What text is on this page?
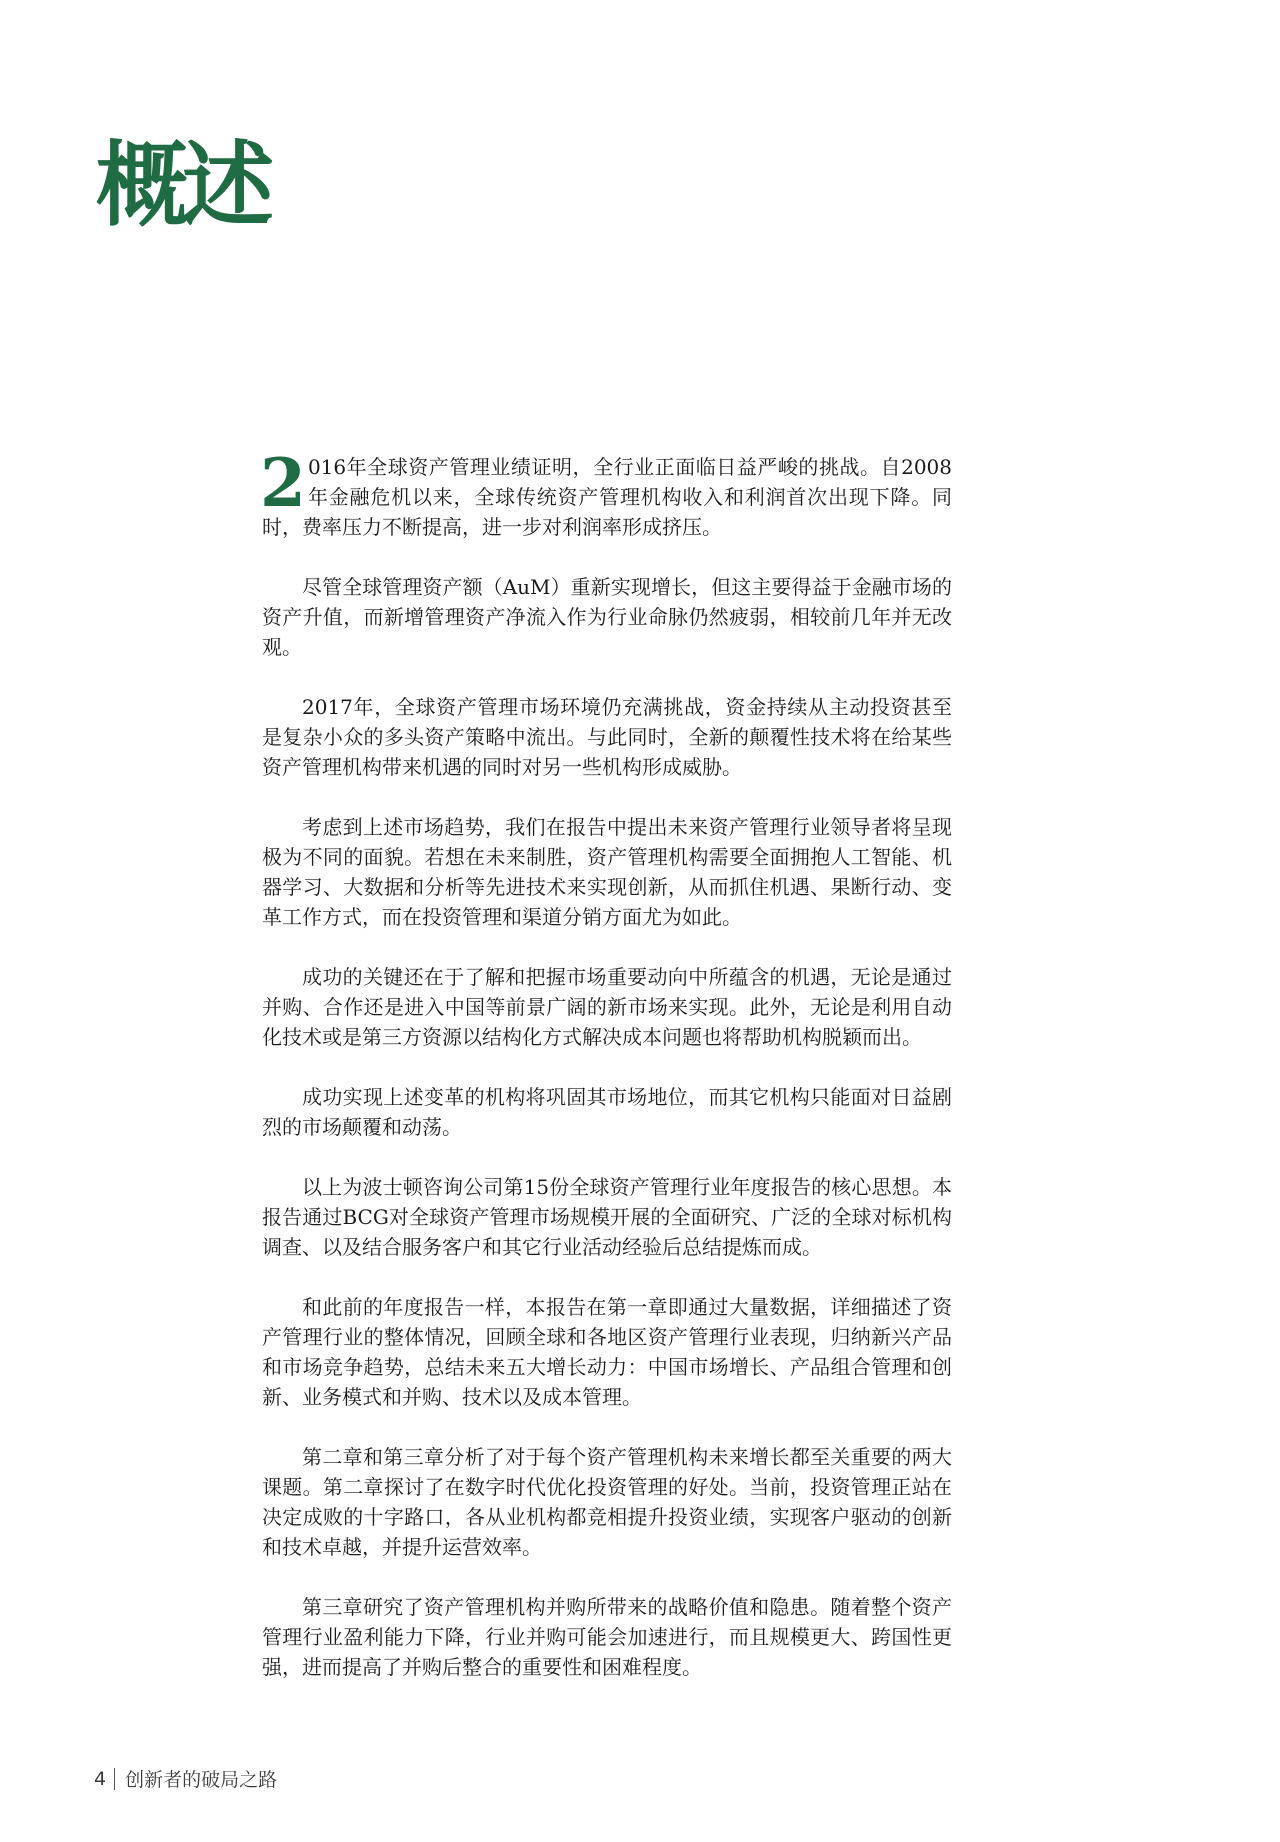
概述

2 016年全球资产管理业绩证明，全行业正面临日益严峻的挑战。自2008年金融危机以来，全球传统资产管理机构收入和利润首次出现下降。同时，费率压力不断提高，进一步对利润率形成挤压。

尽管全球管理资产额（AuM）重新实现增长，但这主要得益于金融市场的资产升值，而新增管理资产净流入作为行业命脉仍然疲弱，相较前几年并无改观。

2017年，全球资产管理市场环境仍充满挑战，资金持续从主动投资甚至是复杂小众的多头资产策略中流出。与此同时，全新的颠覆性技术将在给某些资产管理机构带来机遇的同时对另一些机构形成威胁。

考虑到上述市场趋势，我们在报告中提出未来资产管理行业领导者将呈现极为不同的面貌。若想在未来制胜，资产管理机构需要全面拥抱人工智能、机器学习、大数据和分析等先进技术来实现创新，从而抓住机遇、果断行动、变革工作方式，而在投资管理和渠道分销方面尤为如此。

成功的关键还在于了解和把握市场重要动向中所蕴含的机遇，无论是通过并购、合作还是进入中国等前景广阔的新市场来实现。此外，无论是利用自动化技术或是第三方资源以结构化方式解决成本问题也将帮助机构脱颖而出。

成功实现上述变革的机构将巩固其市场地位，而其它机构只能面对日益剧烈的市场颠覆和动荡。

以上为波士顿咨询公司第15份全球资产管理行业年度报告的核心思想。本报告通过BCG对全球资产管理市场规模开展的全面研究、广泛的全球对标机构调查、以及结合服务客户和其它行业活动经验后总结提炼而成。

和此前的年度报告一样，本报告在第一章即通过大量数据，详细描述了资产管理行业的整体情况，回顾全球和各地区资产管理行业表现，归纳新兴产品和市场竞争趋势，总结未来五大增长动力：中国市场增长、产品组合管理和创新、业务模式和并购、技术以及成本管理。

第二章和第三章分析了对于每个资产管理机构未来增长都至关重要的两大课题。第二章探讨了在数字时代优化投资管理的好处。当前，投资管理正站在决定成败的十字路口，各从业机构都竞相提升投资业绩，实现客户驱动的创新和技术卓越，并提升运营效率。

第三章研究了资产管理机构并购所带来的战略价值和隐患。随着整个资产管理行业盈利能力下降，行业并购可能会加速进行，而且规模更大、跨国性更强，进而提高了并购后整合的重要性和困难程度。

4 创新者的破局之路
